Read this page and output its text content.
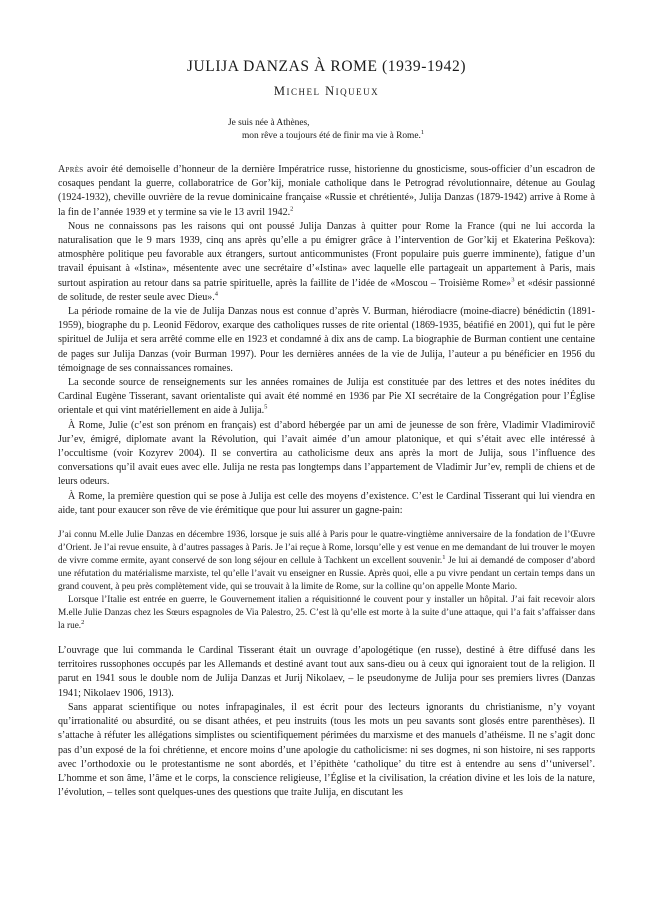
JULIJA DANZAS À ROME (1939-1942)
Michel Niqueux
Je suis née à Athènes,
mon rêve a toujours été de finir ma vie à Rome.$^1$

Après avoir été demoiselle d’honneur de la dernière Impératrice russe, historienne du gnosticisme, sous-officier d’un escadron de cosaques pendant la guerre, collaboratrice de Gor’kij, moniale catholique dans le Petrograd révolutionnaire, détenue au Goulag (1924-1932), cheville ouvrière de la revue dominicaine française «Russie et chrétienté», Julija Danzas (1879-1942) arrive à Rome à la fin de l’année 1939 et y termine sa vie le 13 avril 1942.$^2$

Nous ne connaissons pas les raisons qui ont poussé Julija Danzas à quitter pour Rome la France (qui ne lui accorda la naturalisation que le 9 mars 1939, cinq ans après qu’elle a pu émigrer grâce à l’intervention de Gor’kij et Ekaterina Peškova): atmosphère politique peu favorable aux étrangers, surtout anticommunistes (Front populaire puis guerre imminente), fatigue d’un travail épuisant à «Istina», mésentente avec une secrétaire d’«Istina» avec laquelle elle partageait un appartement à Paris, mais surtout aspiration au retour dans sa patrie spirituelle, après la faillite de l’idée de «Moscou – Troisième Rome»$^3$ et «désir passionné de solitude, de rester seule avec Dieu».$^4$

La période romaine de la vie de Julija Danzas nous est connue d’après V. Burman, hiérodiacre (moine-diacre) bénédictin (1891-1959), biographe du p. Leonid Fëdorov, exarque des catholiques russes de rite oriental (1869-1935, béatifié en 2001), qui fut le père spirituel de Julija et sera arrêté comme elle en 1923 et condamné à dix ans de camp. La biographie de Burman contient une centaine de pages sur Julija Danzas (voir Burman 1997). Pour les dernières années de la vie de Julija, l’auteur a pu bénéficier en 1956 du témoignage de ses connaissances romaines.

La seconde source de renseignements sur les années romaines de Julija est constituée par des lettres et des notes inédites du Cardinal Eugène Tisserant, savant orientaliste qui avait été nommé en 1936 par Pie XI secrétaire de la Congrégation pour l’Église orientale et qui vint matériellement en aide à Julija.$^5$

À Rome, Julie (c’est son prénom en français) est d’abord hébergée par un ami de jeunesse de son frère, Vladimir Vladimirovič Jur’ev, émigré, diplomate avant la Révolution, qui l’avait aimée d’un amour platonique, et qui s’était avec elle intéressé à l’occultisme (voir Kozyrev 2004). Il se convertira au catholicisme deux ans après la mort de Julija, sous l’influence des conversations qu’il avait eues avec elle. Julija ne resta pas longtemps dans l’appartement de Vladimir Jur’ev, rempli de chiens et de leurs odeurs.

À Rome, la première question qui se pose à Julija est celle des moyens d’existence. C’est le Cardinal Tisserant qui lui viendra en aide, tant pour exaucer son rêve de vie érémitique que pour lui assurer un gagne-pain:

J’ai connu M.elle Julie Danzas en décembre 1936, lorsque je suis allé à Paris pour le quatre-vingtième anniversaire de la fondation de l’Œuvre d’Orient. Je l’ai revue ensuite, à d’autres passages à Paris. Je l’ai reçue à Rome, lorsqu’elle y est venue en me demandant de lui trouver le moyen de vivre comme ermite, ayant conservé de son long séjour en cellule à Tachkent un excellent souvenir.$^1$ Je lui ai demandé de composer d’abord une réfutation du matérialisme marxiste, tel qu’elle l’avait vu enseigner en Russie. Après quoi, elle a pu vivre pendant un certain temps dans un grand couvent, à peu près complètement vide, qui se trouvait à la limite de Rome, sur la colline qu’on appelle Monte Mario.

Lorsque l’Italie est entrée en guerre, le Gouvernement italien a réquisitionné le couvent pour y installer un hôpital. J’ai fait recevoir alors M.elle Julie Danzas chez les Sœurs espagnoles de Via Palestro, 25. C’est là qu’elle est morte à la suite d’une attaque, qui l’a fait s’affaisser dans la rue.$^2$

L’ouvrage que lui commanda le Cardinal Tisserant était un ouvrage d’apologétique (en russe), destiné à être diffusé dans les territoires russophones occupés par les Allemands et destiné avant tout aux sans-dieu ou à ceux qui ignoraient tout de la religion. Il parut en 1941 sous le double nom de Julija Danzas et Jurij Nikolaev, – le pseudonyme de Julija pour ses premiers livres (Danzas 1941; Nikolaev 1906, 1913).

Sans apparat scientifique ou notes infrapaginales, il est écrit pour des lecteurs ignorants du christianisme, n’y voyant qu’irrationalité ou absurdité, ou se disant athées, et peu instruits (tous les mots un peu savants sont glosés entre parenthèses). Il s’attache à réfuter les allégations simplistes ou scientifiquement périmées du marxisme et des manuels d’athéisme. Il ne s’agit donc pas d’un exposé de la foi chrétienne, et encore moins d’une apologie du catholicisme: ni ses dogmes, ni son histoire, ni ses rapports avec l’orthodoxie ou le protestantisme ne sont abordés, et l’épithète ‘catholique’ du titre est à entendre au sens d’‘universel’. L’homme et son âme, l’âme et le corps, la conscience religieuse, l’Église et la civilisation, la création divine et les lois de la nature, l’évolution, – telles sont quelques-unes des questions que traite Julija, en discutant les
